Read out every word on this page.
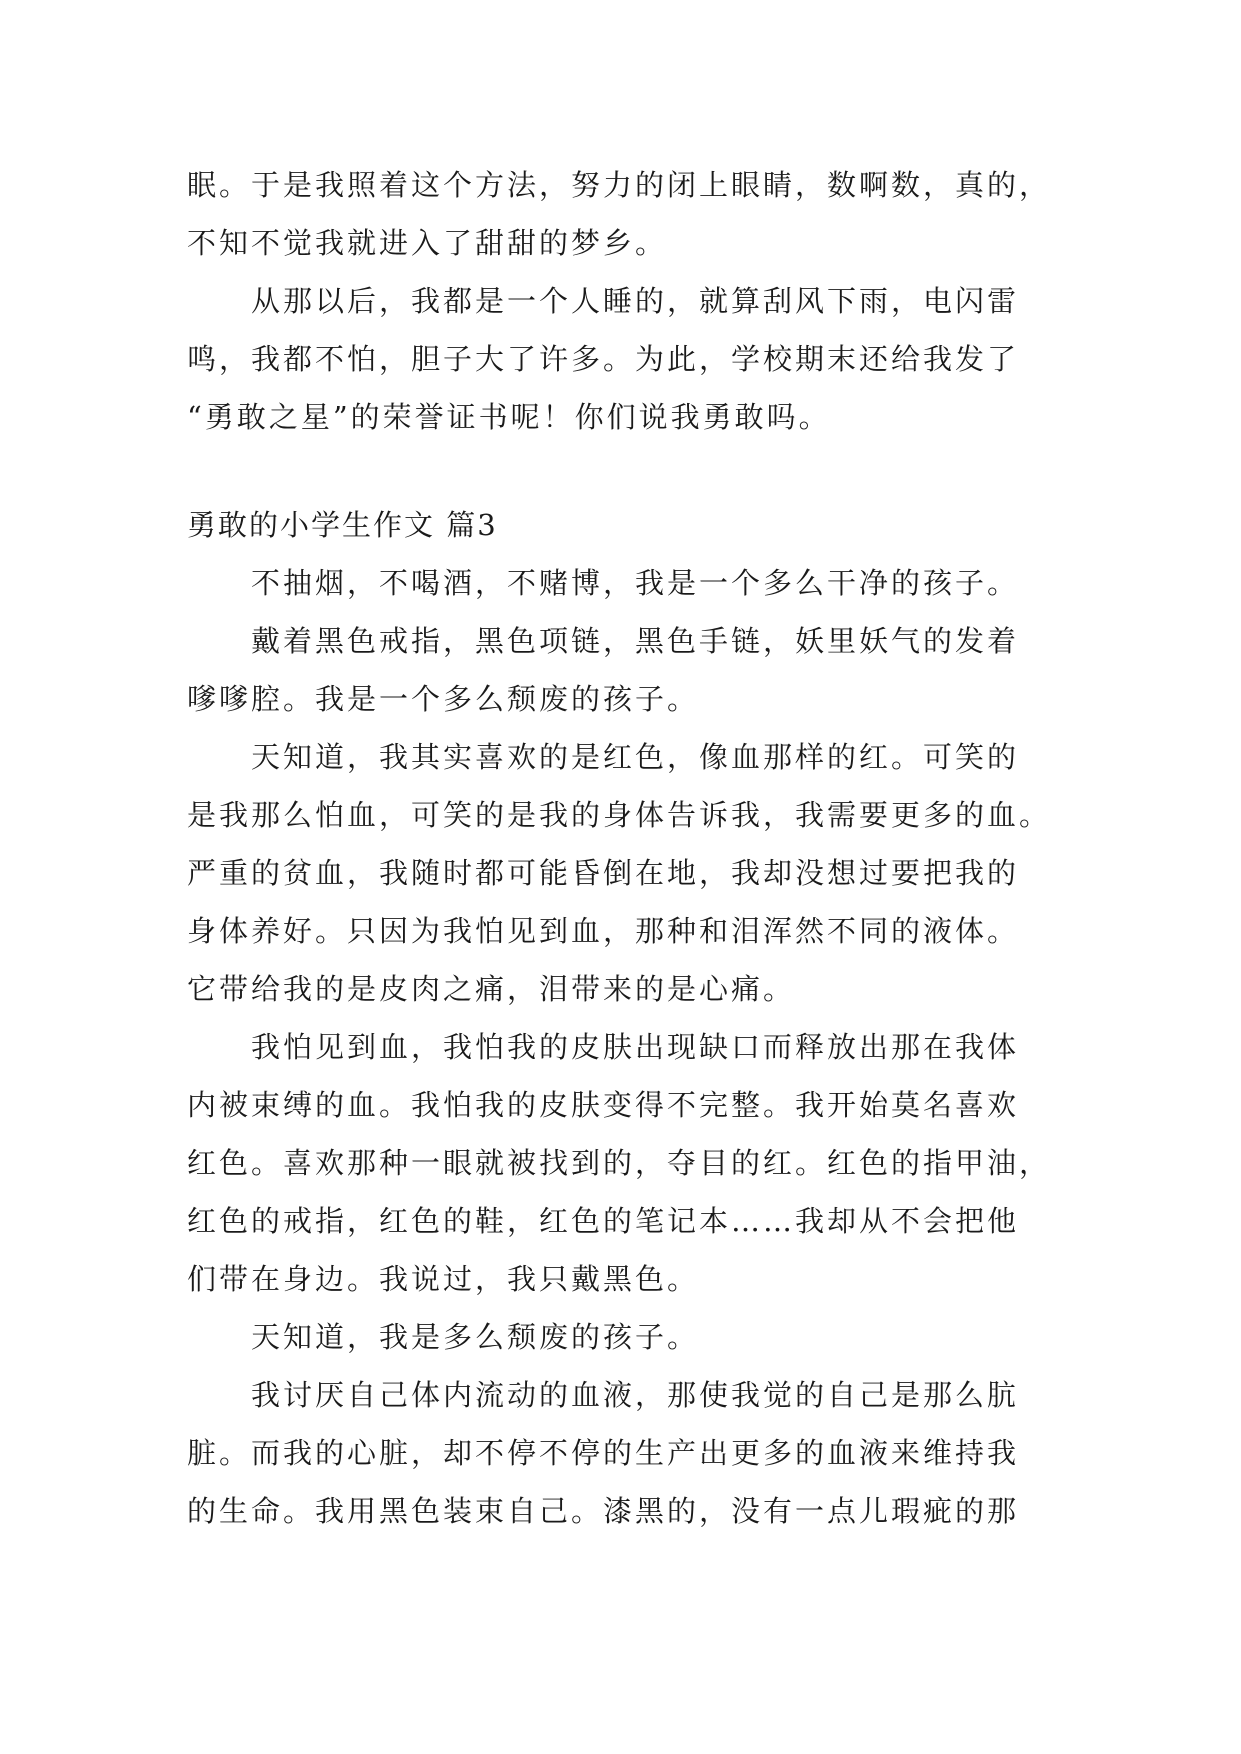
眠。于是我照着这个方法，努力的闭上眼睛，数啊数，真的，
不知不觉我就进入了甜甜的梦乡。
从那以后，我都是一个人睡的，就算刮风下雨，电闪雷
鸣，我都不怕，胆子大了许多。为此，学校期末还给我发了
“勇敢之星”的荣誉证书呢！你们说我勇敢吗。
勇敢的小学生作文 篇3
不抽烟，不喝酒，不赌博，我是一个多么干净的孩子。
戴着黑色戒指，黑色项链，黑色手链，妖里妖气的发着
嗲嗲腔。我是一个多么颓废的孩子。
天知道，我其实喜欢的是红色，像血那样的红。可笑的
是我那么怕血，可笑的是我的身体告诉我，我需要更多的血。
严重的贫血，我随时都可能昏倒在地，我却没想过要把我的
身体养好。只因为我怕见到血，那种和泪浑然不同的液体。
它带给我的是皮肉之痛，泪带来的是心痛。
我怕见到血，我怕我的皮肤出现缺口而释放出那在我体
内被束缚的血。我怕我的皮肤变得不完整。我开始莫名喜欢
红色。喜欢那种一眼就被找到的，夺目的红。红色的指甲油，
红色的戒指，红色的鞋，红色的笔记本……我却从不会把他
们带在身边。我说过，我只戴黑色。
天知道，我是多么颓废的孩子。
我讨厌自己体内流动的血液，那使我觉的自己是那么肮
脏。而我的心脏，却不停不停的生产出更多的血液来维持我
的生命。我用黑色装束自己。漆黑的，没有一点儿瑕疵的那
